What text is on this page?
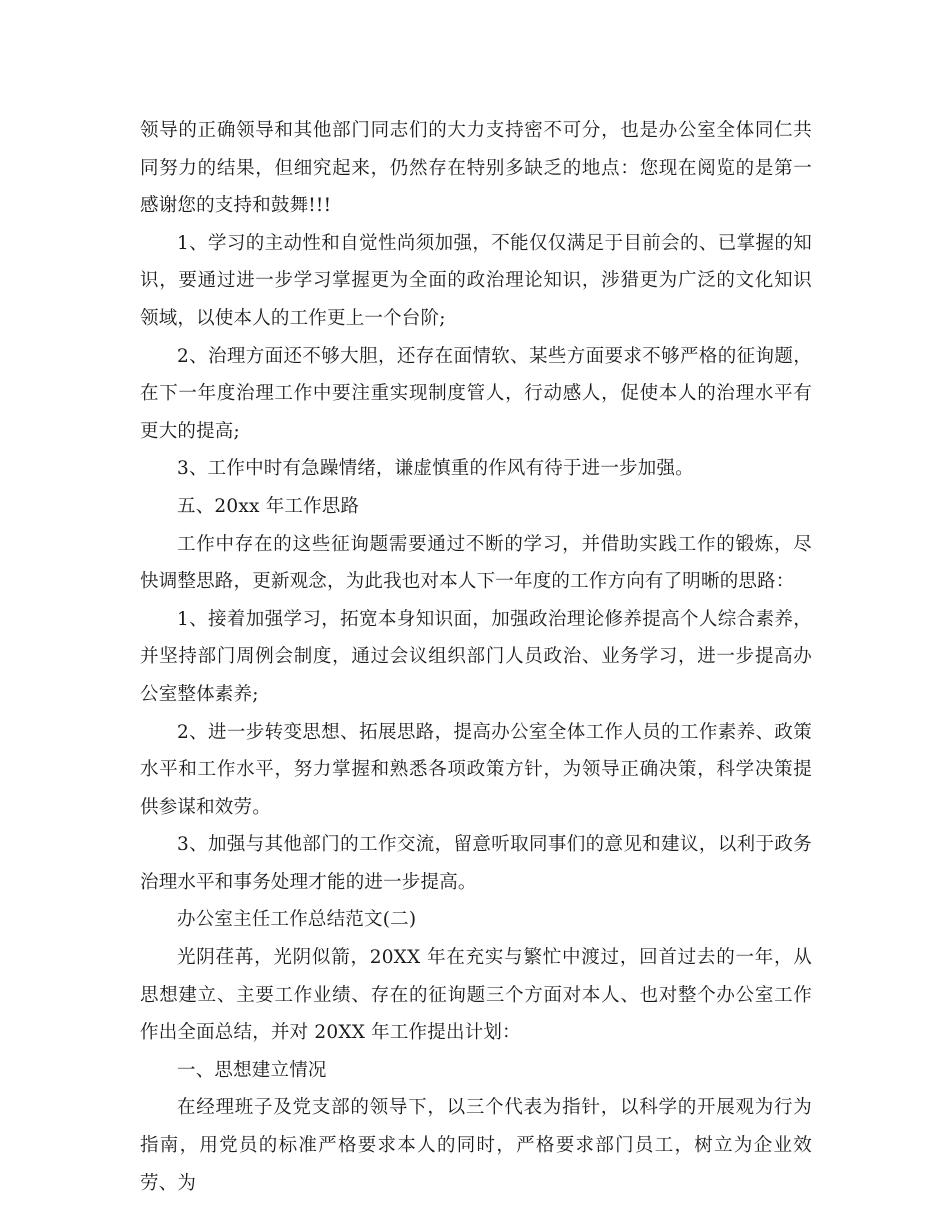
领导的正确领导和其他部门同志们的大力支持密不可分，也是办公室全体同仁共同努力的结果，但细究起来，仍然存在特别多缺乏的地点：您现在阅览的是第一感谢您的支持和鼓舞!!!

1、学习的主动性和自觉性尚须加强，不能仅仅满足于目前会的、已掌握的知识，要通过进一步学习掌握更为全面的政治理论知识，涉猎更为广泛的文化知识领域，以使本人的工作更上一个台阶;

2、治理方面还不够大胆，还存在面情软、某些方面要求不够严格的征询题，在下一年度治理工作中要注重实现制度管人，行动感人，促使本人的治理水平有更大的提高;

3、工作中时有急躁情绪，谦虚慎重的作风有待于进一步加强。

五、20xx 年工作思路

工作中存在的这些征询题需要通过不断的学习，并借助实践工作的锻炼，尽快调整思路，更新观念，为此我也对本人下一年度的工作方向有了明晰的思路：

1、接着加强学习，拓宽本身知识面，加强政治理论修养提高个人综合素养，并坚持部门周例会制度，通过会议组织部门人员政治、业务学习，进一步提高办公室整体素养;

2、进一步转变思想、拓展思路，提高办公室全体工作人员的工作素养、政策水平和工作水平，努力掌握和熟悉各项政策方针，为领导正确决策，科学决策提供参谋和效劳。

3、加强与其他部门的工作交流，留意听取同事们的意见和建议，以利于政务治理水平和事务处理才能的进一步提高。

办公室主任工作总结范文(二)

光阴荏苒，光阴似箭，20XX 年在充实与繁忙中渡过，回首过去的一年，从思想建立、主要工作业绩、存在的征询题三个方面对本人、也对整个办公室工作作出全面总结，并对 20XX 年工作提出计划：

一、思想建立情况

在经理班子及党支部的领导下，以三个代表为指针，以科学的开展观为行为指南，用党员的标准严格要求本人的同时，严格要求部门员工，树立为企业效劳、为
